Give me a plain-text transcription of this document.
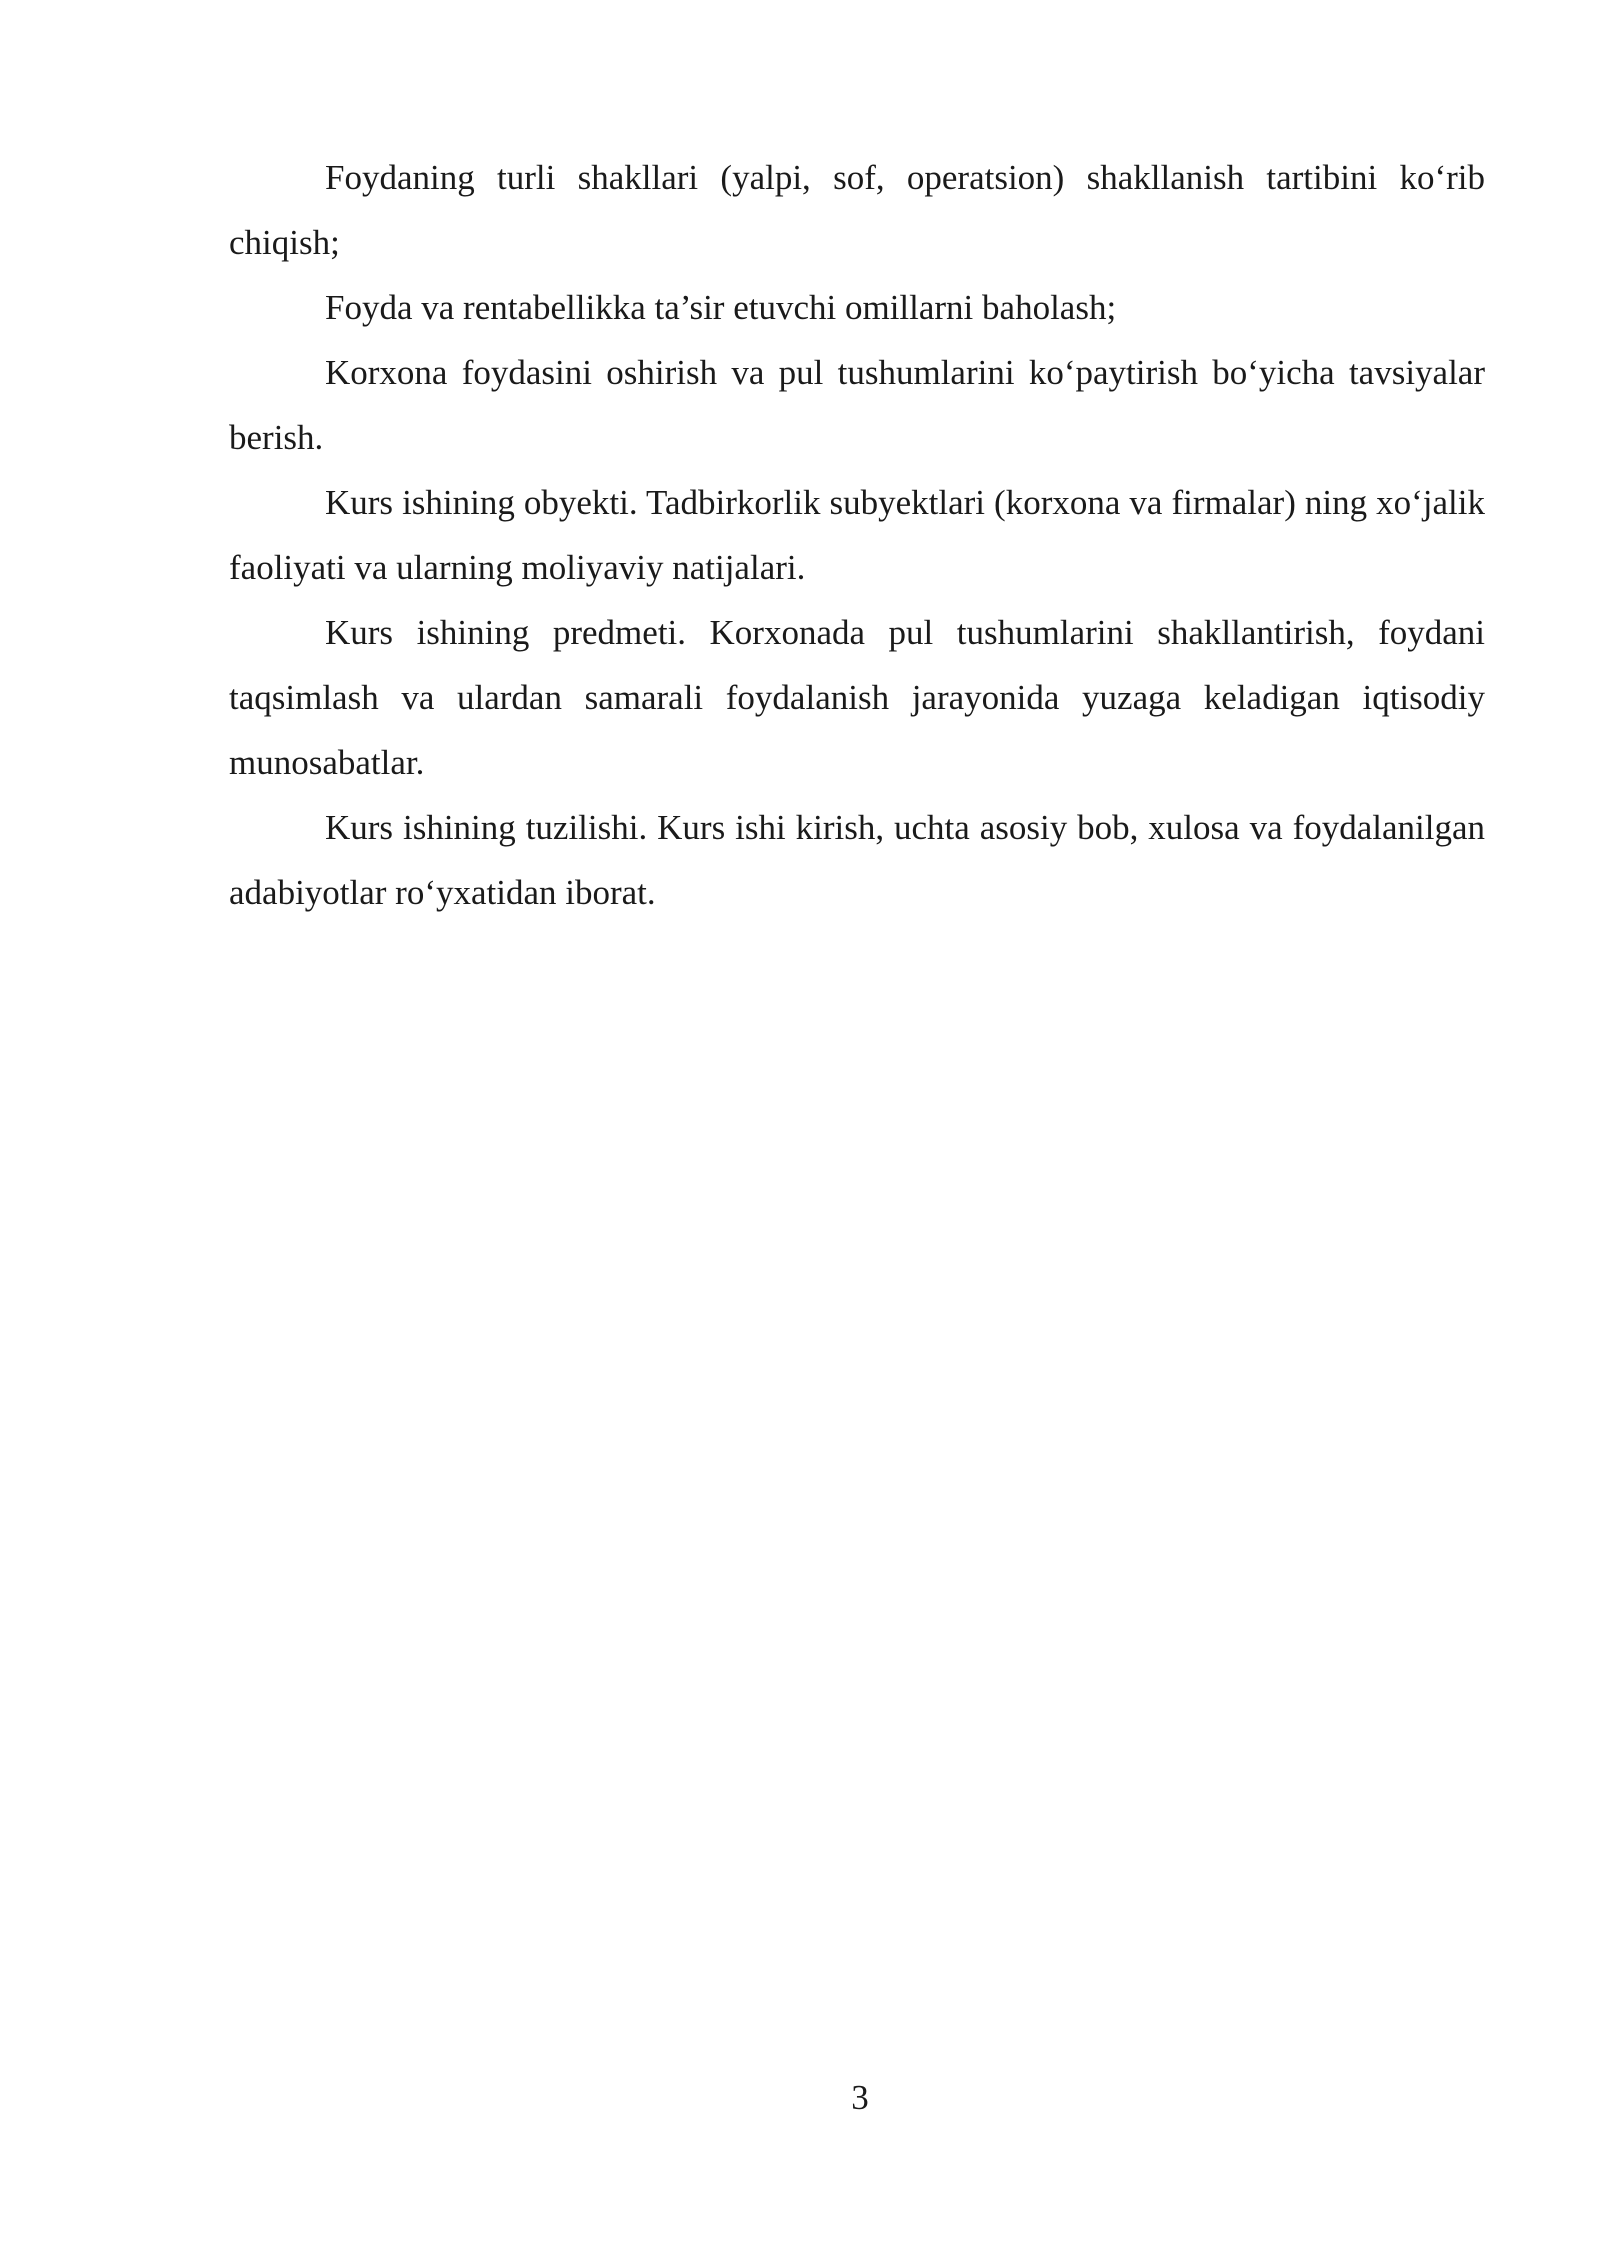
Foydaning turli shakllari (yalpi, sof, operatsion) shakllanish tartibini ko‘rib chiqish;

Foyda va rentabellikka ta’sir etuvchi omillarni baholash;

Korxona foydasini oshirish va pul tushumlarini ko‘paytirish bo‘yicha tavsiyalar berish.

Kurs ishining obyekti. Tadbirkorlik subyektlari (korxona va firmalar) ning xo‘jalik faoliyati va ularning moliyaviy natijalari.

Kurs ishining predmeti. Korxonada pul tushumlarini shakllantirish, foydani taqsimlash va ulardan samarali foydalanish jarayonida yuzaga keladigan iqtisodiy munosabatlar.

Kurs ishining tuzilishi. Kurs ishi kirish, uchta asosiy bob, xulosa va foydalanilgan adabiyotlar ro‘yxatidan iborat.

3
